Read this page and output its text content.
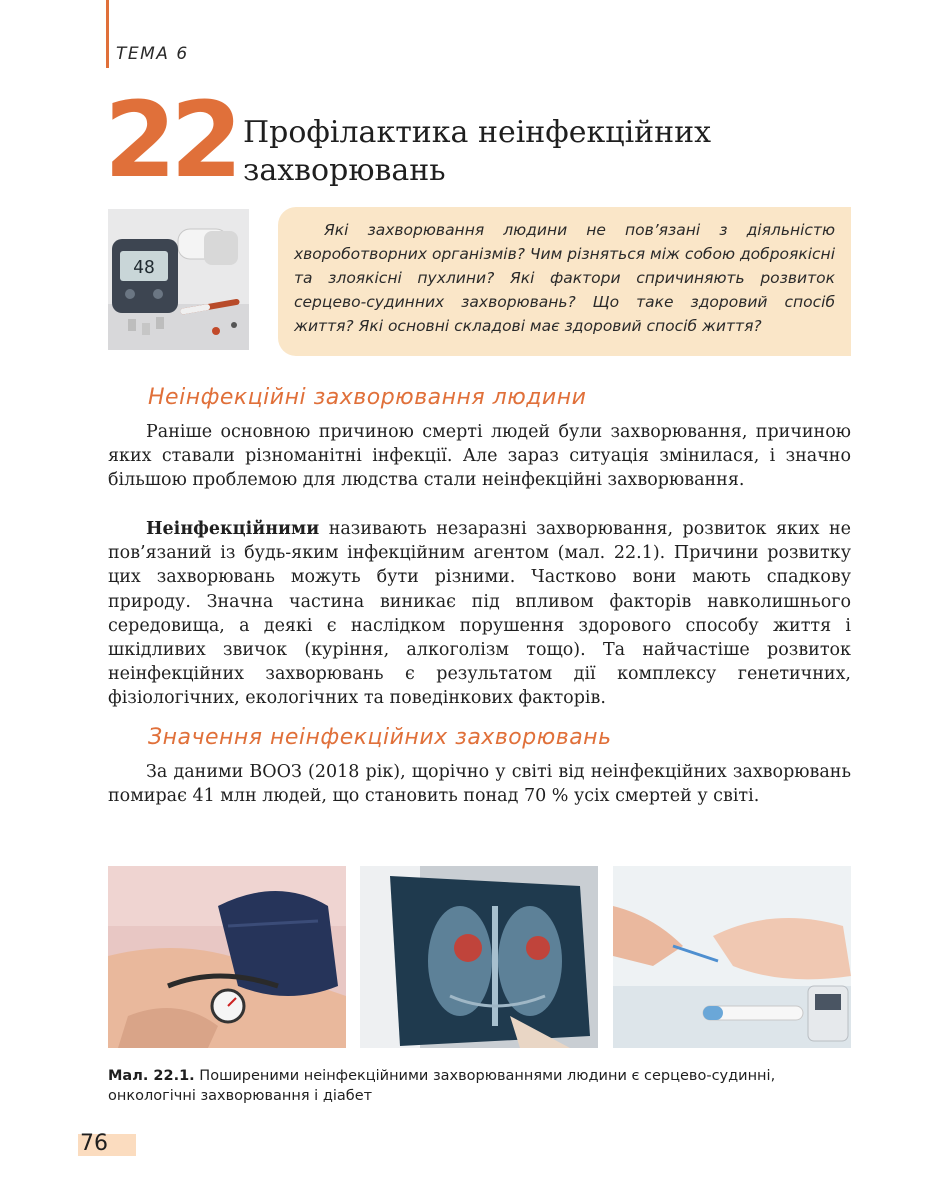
ТЕМА 6
22 Профілактика неінфекційних
захворювань
48
Які захворювання людини не пов’язані з діяльністю хвороботворних організмів? Чим різняться між собою доброякісні та злоякісні пухлини? Які фактори спричиняють розвиток серцево-судинних захворювань? Що таке здоровий спосіб життя? Які основні складові має здоровий спосіб життя?
Неінфекційні захворювання людини

Раніше основною причиною смерті людей були захворювання, причиною яких ставали різноманітні інфекції. Але зараз ситуація змінилася, і значно більшою проблемою для людства стали неінфекційні захворювання.

Неінфекційними називають незаразні захворювання, розвиток яких не пов’язаний із будь-яким інфекційним агентом (мал. 22.1). Причини розвитку цих захворювань можуть бути різними. Частково вони мають спадкову природу. Значна частина виникає під впливом факторів навколишнього середовища, а деякі є наслідком порушення здорового способу життя і шкідливих звичок (куріння, алкоголізм тощо). Та найчастіше розвиток неінфекційних захворювань є результатом дії комплексу генетичних, фізіологічних, екологічних та поведінкових факторів.

Значення неінфекційних захворювань

За даними ВООЗ (2018 рік), щорічно у світі від неінфекційних захворювань помирає 41 млн людей, що становить понад 70 % усіх смертей у світі.

Мал. 22.1. Поширеними неінфекційними захворюваннями людини є серцево-судинні, онкологічні захворювання і діабет
76
